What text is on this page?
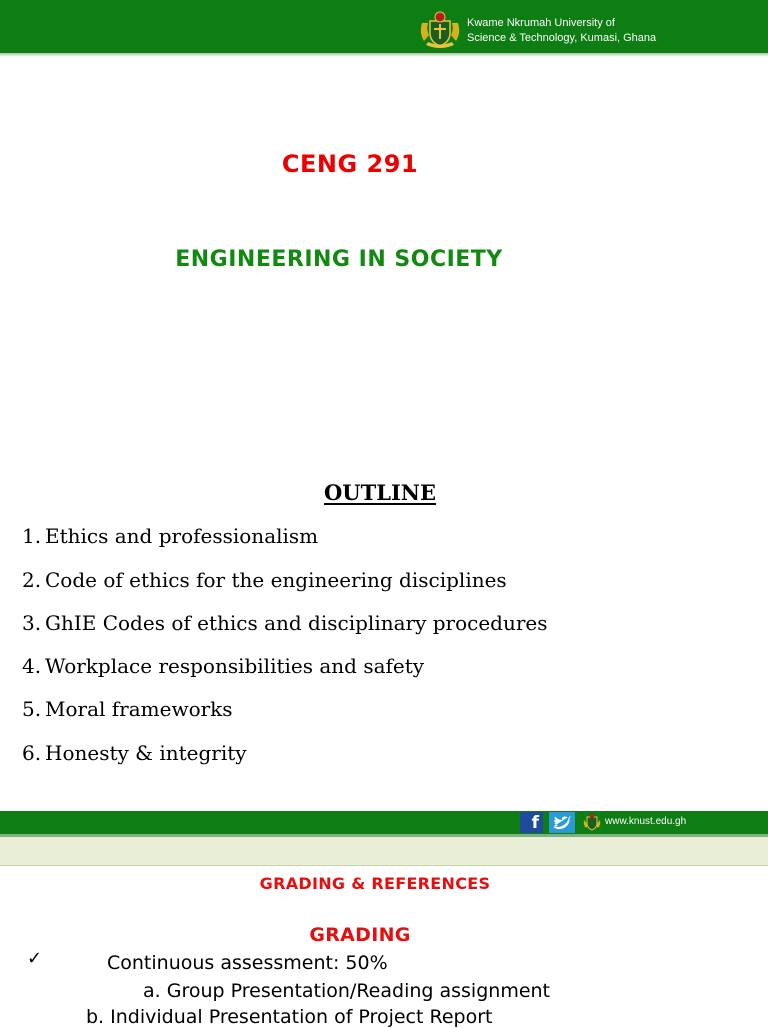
Kwame Nkrumah University of
Science & Technology, Kumasi, Ghana
CENG 291
ENGINEERING IN SOCIETY
OUTLINE
1. Ethics and professionalism
2. Code of ethics for the engineering disciplines
3. GhIE Codes of ethics and disciplinary procedures
4. Workplace responsibilities and safety
5. Moral frameworks
6. Honesty & integrity
f	www.knust.edu.gh
GRADING & REFERENCES
GRADING
✓	Continuous assessment: 50%
a. Group Presentation/Reading assignment
b. Individual Presentation of Project Report
